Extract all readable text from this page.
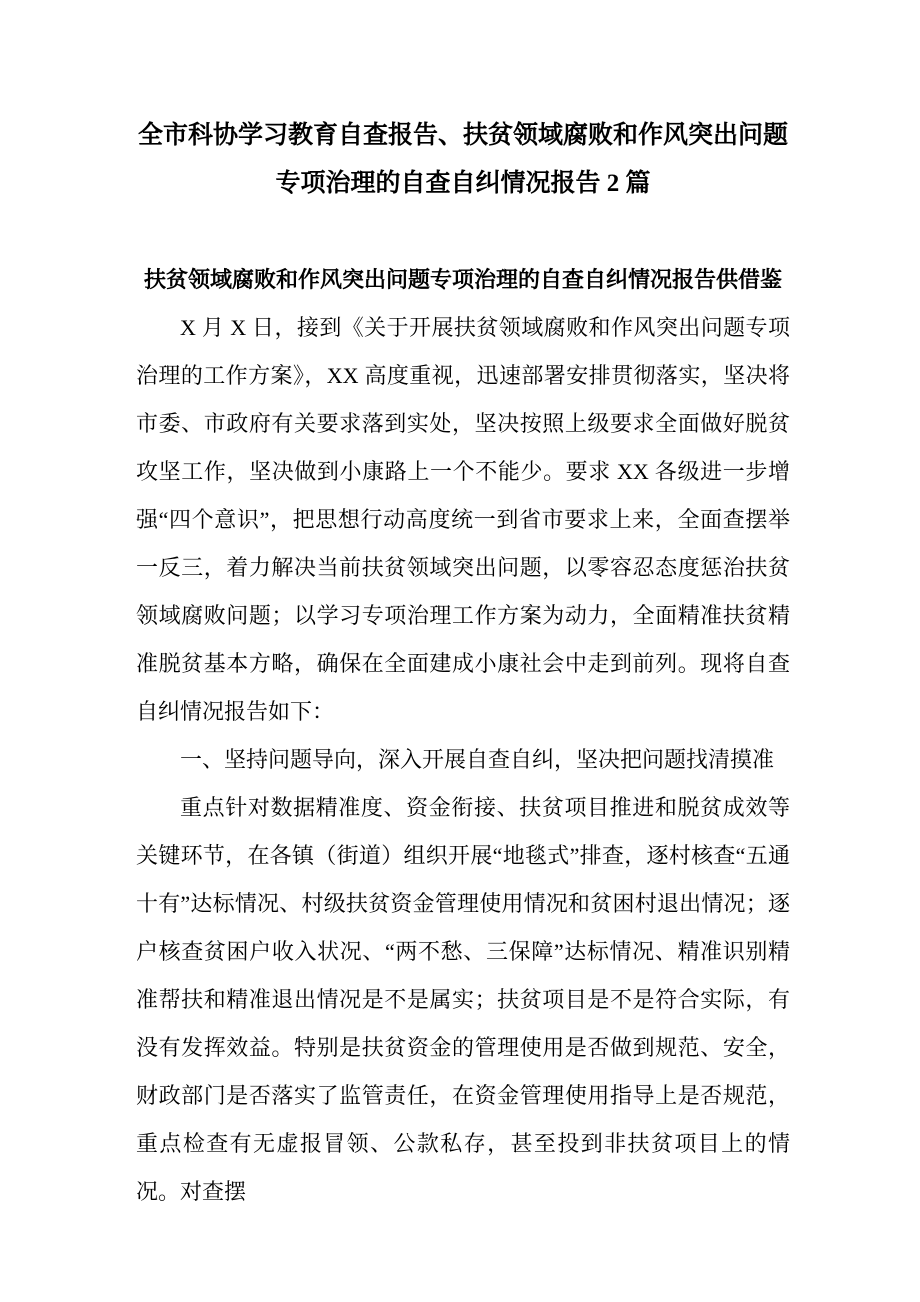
全市科协学习教育自查报告、扶贫领域腐败和作风突出问题
专项治理的自查自纠情况报告 2 篇
扶贫领域腐败和作风突出问题专项治理的自查自纠情况报告供借鉴

X 月 X 日，接到《关于开展扶贫领域腐败和作风突出问题专项治理的工作方案》，XX 高度重视，迅速部署安排贯彻落实，坚决将市委、市政府有关要求落到实处，坚决按照上级要求全面做好脱贫攻坚工作，坚决做到小康路上一个不能少。要求 XX 各级进一步增强“四个意识”，把思想行动高度统一到省市要求上来，全面查摆举一反三，着力解决当前扶贫领域突出问题，以零容忍态度惩治扶贫领域腐败问题；以学习专项治理工作方案为动力，全面精准扶贫精准脱贫基本方略，确保在全面建成小康社会中走到前列。现将自查自纠情况报告如下：

一、坚持问题导向，深入开展自查自纠，坚决把问题找清摸准

重点针对数据精准度、资金衔接、扶贫项目推进和脱贫成效等关键环节，在各镇（街道）组织开展“地毯式”排查，逐村核查“五通十有”达标情况、村级扶贫资金管理使用情况和贫困村退出情况；逐户核查贫困户收入状况、“两不愁、三保障”达标情况、精准识别精准帮扶和精准退出情况是不是属实；扶贫项目是不是符合实际，有没有发挥效益。特别是扶贫资金的管理使用是否做到规范、安全，财政部门是否落实了监管责任，在资金管理使用指导上是否规范，重点检查有无虚报冒领、公款私存，甚至投到非扶贫项目上的情况。对查摆
